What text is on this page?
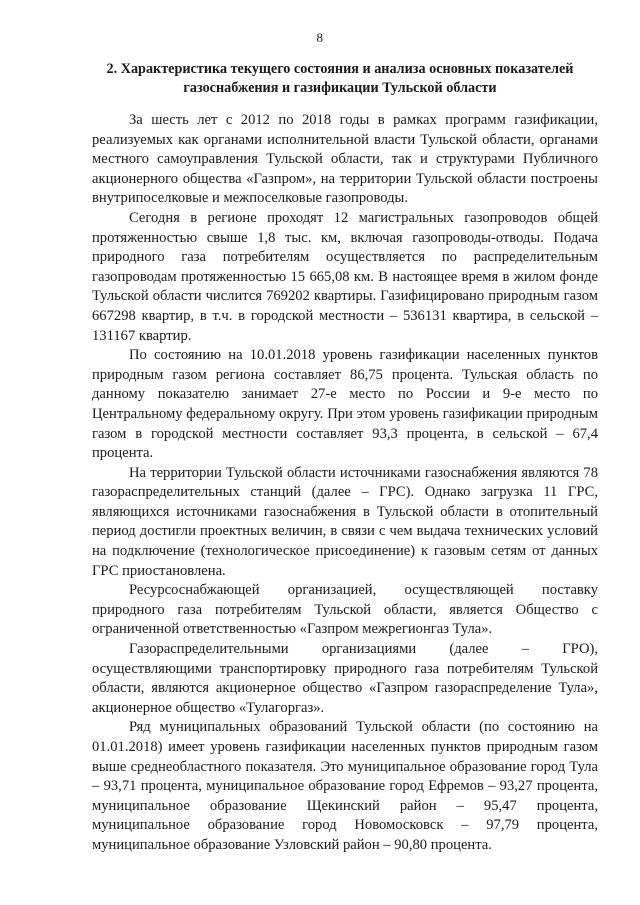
8
2. Характеристика текущего состояния и анализа основных показателей газоснабжения и газификации Тульской области

За шесть лет с 2012 по 2018 годы в рамках программ газификации, реализуемых как органами исполнительной власти Тульской области, органами местного самоуправления Тульской области, так и структурами Публичного акционерного общества «Газпром», на территории Тульской области построены внутрипоселковые и межпоселковые газопроводы.

Сегодня в регионе проходят 12 магистральных газопроводов общей протяженностью свыше 1,8 тыс. км, включая газопроводы-отводы. Подача природного газа потребителям осуществляется по распределительным газопроводам протяженностью 15 665,08 км. В настоящее время в жилом фонде Тульской области числится 769202 квартиры. Газифицировано природным газом 667298 квартир, в т.ч. в городской местности – 536131 квартира, в сельской – 131167 квартир.

По состоянию на 10.01.2018 уровень газификации населенных пунктов природным газом региона составляет 86,75 процента. Тульская область по данному показателю занимает 27-е место по России и 9-е место по Центральному федеральному округу. При этом уровень газификации природным газом в городской местности составляет 93,3 процента, в сельской – 67,4 процента.

На территории Тульской области источниками газоснабжения являются 78 газораспределительных станций (далее – ГРС). Однако загрузка 11 ГРС, являющихся источниками газоснабжения в Тульской области в отопительный период достигли проектных величин, в связи с чем выдача технических условий на подключение (технологическое присоединение) к газовым сетям от данных ГРС приостановлена.

Ресурсоснабжающей организацией, осуществляющей поставку природного газа потребителям Тульской области, является Общество с ограниченной ответственностью «Газпром межрегионгаз Тула».

Газораспределительными организациями (далее – ГРО), осуществляющими транспортировку природного газа потребителям Тульской области, являются акционерное общество «Газпром газораспределение Тула», акционерное общество «Тулагоргаз».

Ряд муниципальных образований Тульской области (по состоянию на 01.01.2018) имеет уровень газификации населенных пунктов природным газом выше среднеобластного показателя. Это муниципальное образование город Тула – 93,71 процента, муниципальное образование город Ефремов – 93,27 процента, муниципальное образование Щекинский район – 95,47 процента, муниципальное образование город Новомосковск – 97,79 процента, муниципальное образование Узловский район – 90,80 процента.
